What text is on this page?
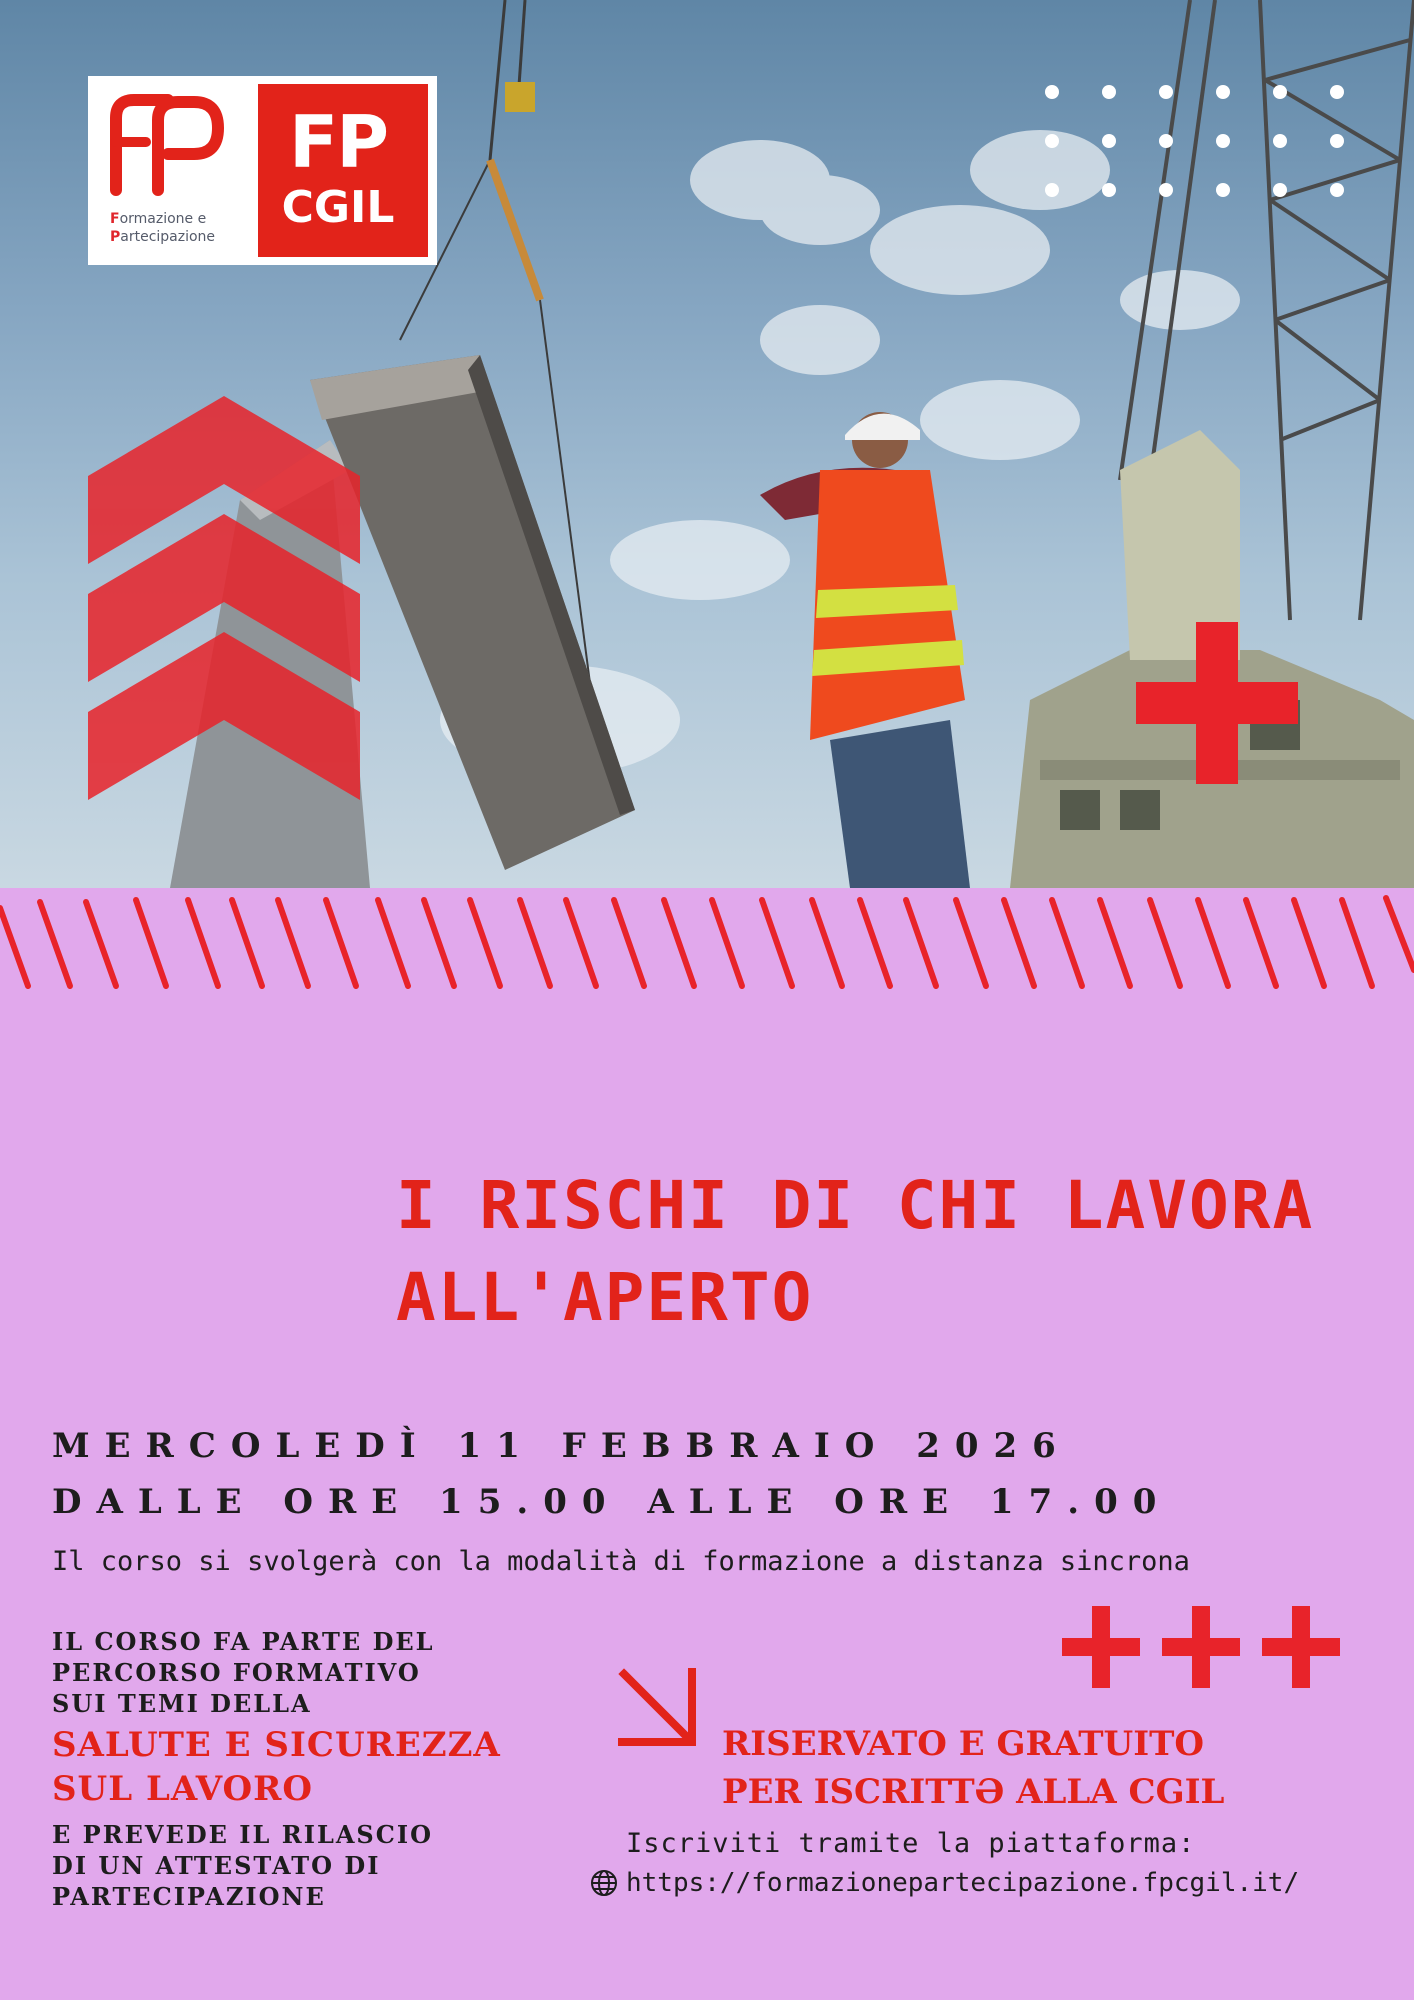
Formazione e
Partecipazione
FP
CGIL
I RISCHI DI CHI LAVORA
ALL'APERTO
MERCOLEDÌ 11 FEBBRAIO 2026
DALLE ORE 15.00 ALLE ORE 17.00
Il corso si svolgerà con la modalità di formazione a distanza sincrona
IL CORSO FA PARTE DEL
PERCORSO FORMATIVO
SUI TEMI DELLA
SALUTE E SICUREZZA
SUL LAVORO
E PREVEDE IL RILASCIO
DI UN ATTESTATO DI
PARTECIPAZIONE
RISERVATO E GRATUITO
PER ISCRITTƏ ALLA CGIL
Iscriviti tramite la piattaforma:
https://formazionepartecipazione.fpcgil.it/
